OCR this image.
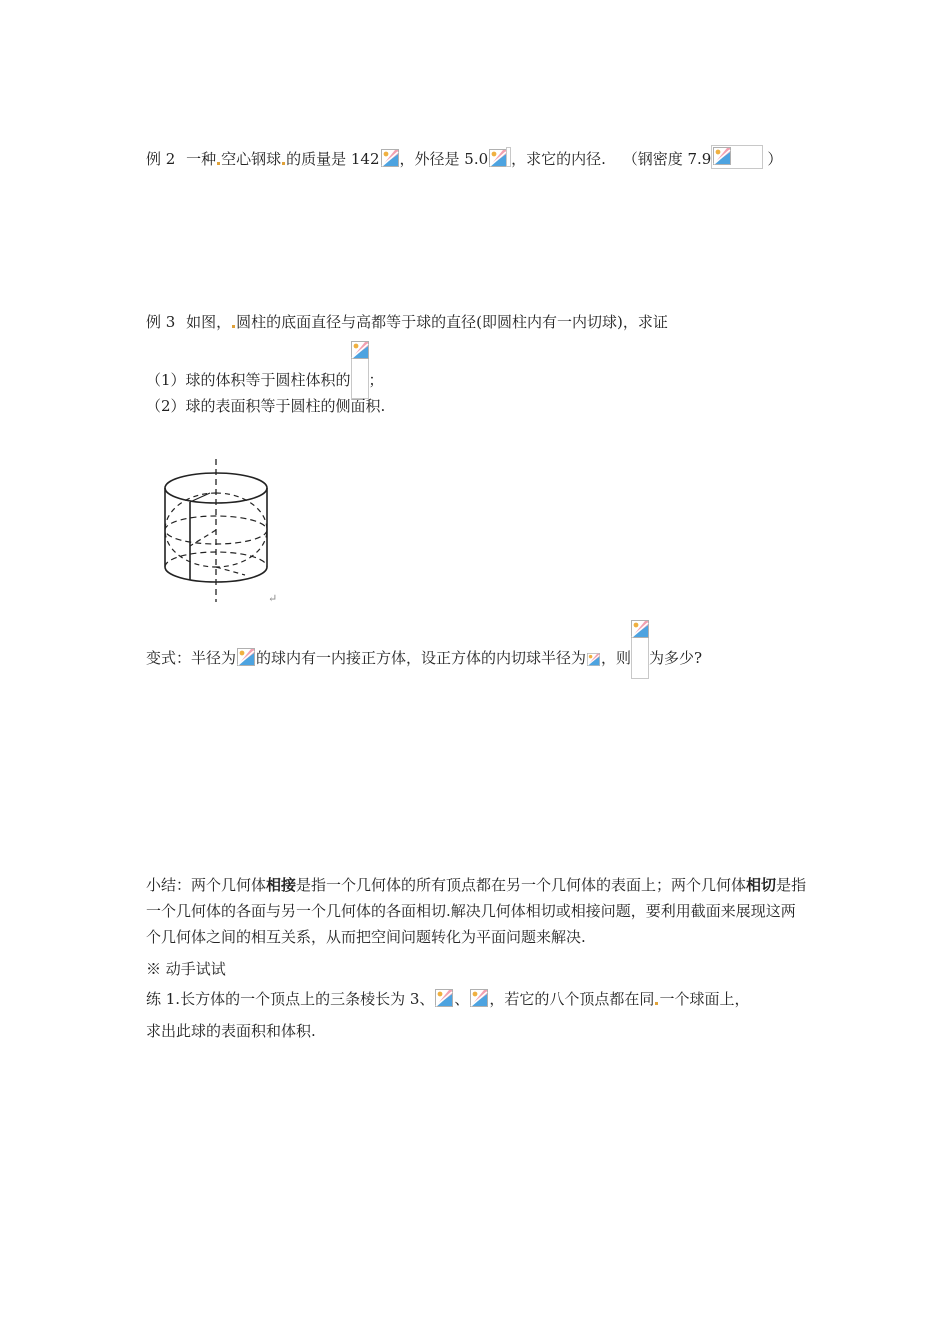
例 2 一种 空心钢球 的质量是 142 ，外径是 5.0 ，求它的内径. （钢密度 7.9	）
例 3 如图， 圆柱的底面直径与高都等于球的直径(即圆柱内有一内切球)，求证
（1）球的体积等于圆柱体积的 ；
（2）球的表面积等于圆柱的侧面积.
↵
变式：半径为 的球内有一内接正方体，设正方体的内切球半径为 ，则 为多少?
小结：两个几何体相接是指一个几何体的所有顶点都在另一个几何体的表面上；两个几何体相切是指一个几何体的各面与另一个几何体的各面相切.解决几何体相切或相接问题，要利用截面来展现这两个几何体之间的相互关系，从而把空间问题转化为平面问题来解决.
※ 动手试试
练 1.长方体的一个顶点上的三条棱长为 3、 、 ，若它的八个顶点都在同 一个球面上，
求出此球的表面积和体积.
